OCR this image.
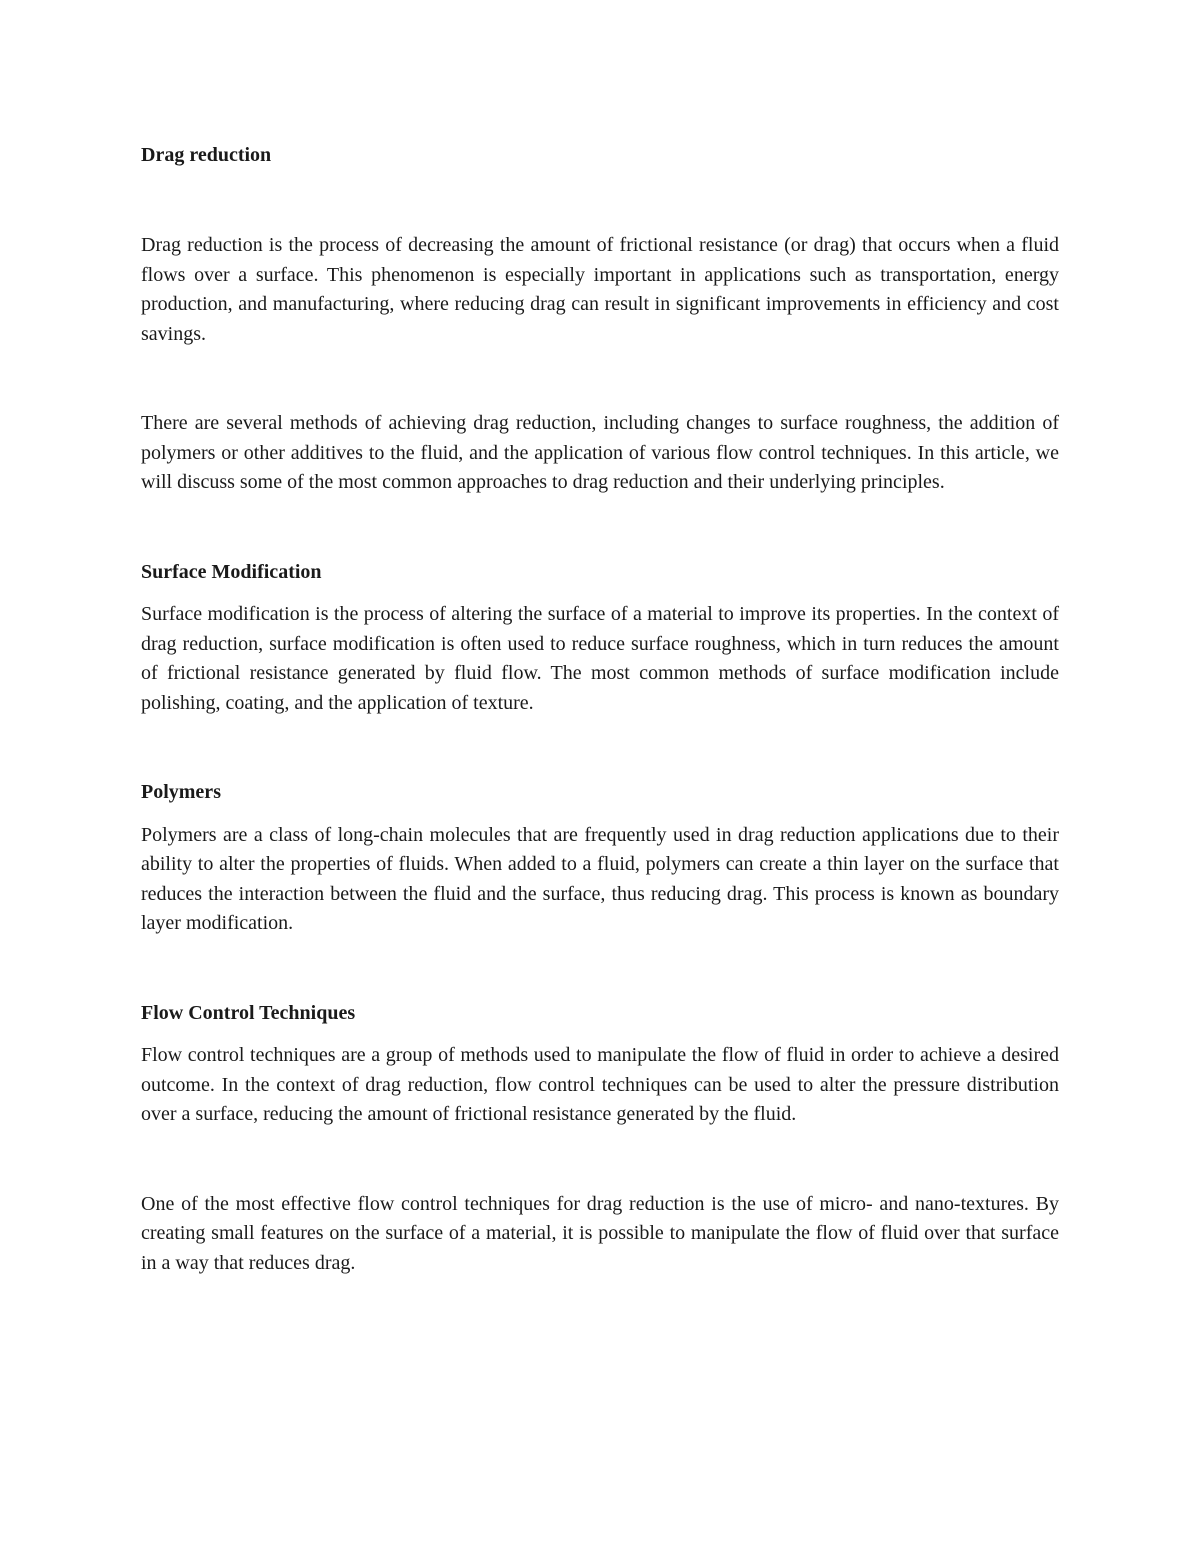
Drag reduction

Drag reduction is the process of decreasing the amount of frictional resistance (or drag) that occurs when a fluid flows over a surface. This phenomenon is especially important in applications such as transportation, energy production, and manufacturing, where reducing drag can result in significant improvements in efficiency and cost savings.

There are several methods of achieving drag reduction, including changes to surface roughness, the addition of polymers or other additives to the fluid, and the application of various flow control techniques. In this article, we will discuss some of the most common approaches to drag reduction and their underlying principles.

Surface Modification

Surface modification is the process of altering the surface of a material to improve its properties. In the context of drag reduction, surface modification is often used to reduce surface roughness, which in turn reduces the amount of frictional resistance generated by fluid flow. The most common methods of surface modification include polishing, coating, and the application of texture.

Polymers

Polymers are a class of long-chain molecules that are frequently used in drag reduction applications due to their ability to alter the properties of fluids. When added to a fluid, polymers can create a thin layer on the surface that reduces the interaction between the fluid and the surface, thus reducing drag. This process is known as boundary layer modification.

Flow Control Techniques

Flow control techniques are a group of methods used to manipulate the flow of fluid in order to achieve a desired outcome. In the context of drag reduction, flow control techniques can be used to alter the pressure distribution over a surface, reducing the amount of frictional resistance generated by the fluid.

One of the most effective flow control techniques for drag reduction is the use of micro- and nano-textures. By creating small features on the surface of a material, it is possible to manipulate the flow of fluid over that surface in a way that reduces drag.
